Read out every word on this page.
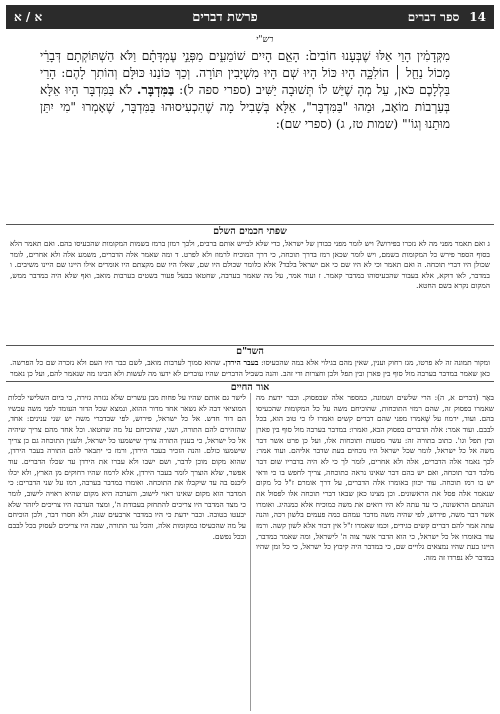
14
ספר דברים
פרשת דברים
א / א
רש"י
מִקְּדָמִ֔ין הָוֵי אַלּוּ שֶׁבְּעָנוּ חוֹבִים֙: הָאֵ֖ם הָיִים שׁוֹמֵעִ֑ים מַפְּנֵ֣י עֶמְדָּתָ֗ם וַלֹּא הַשְׁתּוֹקְתָם דְּבָרֵ֔י מָכוֹל נַחֵ֖ל ׀ הוֹלִכָּ֑ה הָיוּ כּוֹל הָיוּ שְׁם הָיוּ מִשְׁיָבִין תּוֹרָה. וְכַךְ כּוֹנַנוּ כּוּלָּם וְהוֹתִרְ לָהֶם: הָרֵי בַּלְלָכֶם כֹּאן, עֵל מְהָ שֶׁיֵּשׁ לוֹ תְּשׁוּבָה יַשִּׁיב (ספרי ספה ל): בַּמִּדְבָּר. לֹא בַּמִּדְבָּר הָיוּ אֵלָּא בְּעַרְבוֹת מוֹאָב, וּמַהוּ "בַּמִּדְבָּר", אֵלָּא בְּשָׁבִיל מָה שֶׁהִכְעִיסוּהוּ בַּמִּדְבָּר, שֶׁאָמְרוּ "מִי יִתֵּן מוּתֵנוּ וְגוֹ'" (שמות טז, ג) (ספרי שם):
שפתי חכמים השלם
ג ואם תאמר מפני מה לא נזכרו בפירוש? ויש לומר מפני כבודן של ישראל, כדי שלא לבייש אותם ברבים, ולכך רמזן ברמז בשמות המקומות שהכעיסו בהם. ואם תאמר הלא בסוף הספר פירש כל המקומות בשמם, ויש לומר שכאן רמז בדרך תוכחה, כי דרך המוכיח לרמוז ולא לפרט. ד ומה שאמר אלה הדברים, משמע אלה ולא אחרים, לומר שכולן היו דברי תוכחה. ה ואם תאמר וכי לא היו שם כי אם ישראל בלבד? אלא כלומר שכולם היו שם, שאלו היו שם מקצתם היו אומרים אילו היינו שם היינו משיבים. ו במדבר, לאו דוקא, אלא בעבור שהכעיסוהו במדבר קאמר. ז ועוד אמר, על מה שאמר בערבה, שחטאו בבעל פעור בשטים בערבות מואב, ואף שלא היה במדבר ממש, המקום נקרא בשם החטא.
השד"ם
ומקור תמונה זה לא פרטו, מגז רחוק וענין, שאין מהם בגילוי אלא במה שהכעיסו: בעבר הירדן. שהוא סמוך לערבות מואב, לשם כבר היו העם ולא נזכרה שם כל הפרשה. כאן שאמר במדבר בערבה מול סוף בין פארן ובין תפל ולבן וחצרות ודי זהב. והנה בשביל הדברים שהיו עוברים לא ידעו מה לעשות ולא הבינו מה שנאמר להם, ועל כן נאמר
אור החיים
באֵר (דברים א, ה): הרי שלשים ושמונה, כמספר אלה שבפסוק. וכבר ידעת מה שאמרו בפסוק זה, שהם רמזי התוכחות, שהוכיחם משה על כל המקומות שהכעיסו בהם. ועוד, ירמוז על שֶׁאמרו מפני שהם דברים קשים ואמרו לו כי טוב הוא, בכל לבבם. ועוד אמר: אלה הדברים בפסוק הבא, ואמרו: במדבר בערבה מול סוף בין פארן ובין תפל וגו'. כתוב בתורה זה: עשר מסעות ותוכחות אלו, ועל כן פרט אשר דבר משה אל כל ישראל, לומר שכל ישראל היו נוכחים בעת שדבר אליהם. ועוד אמר: לכך נאמר אלה הדברים, אלה ולא אחרים, לומר לך כי לא היה בדבריו שום דבר מלבד דבר תוכחה, ואם יש בהם דבר שאינו נראה כתוכחה, צריך לחפש בו כי ודאי יש בו רמז תוכחה. עוד יכוון באומרו אלה הדברים, על דרך אומרם ז"ל כל מקום שנאמר אלה פסל את הראשונים. וכן מצינו כאן שבאו דברי תוכחה אלו לפסול את הנהגתם הראשונה, כי עד עתה לא היו רואים את משה כמוכיח אלא כמנהיג. ואומרו אשר דבר משה, פירוש, לפי שהיה משה מדבר עמהם כמה פעמים בלשון רכה, והנה עתה אמר להם דברים קשים כגידים, וכמו שאמרו ז"ל אין דבור אלא לשון קשה. ורמז עוד באומרו אל כל ישראל, כי הוא הדבר אשר צוה ה' לישראל, ומה שאמר במדבר, היינו בעת שהיו נמצאים גלויים שם, כי במדבר היה קיבוץ כל ישראל, כי כל זמן שהיו במדבר לא נפרדו זה מזה.
לישר גם אותם שהיו על פחות מבן עשרים שלא נגזרה גזירה, כי ביום השלישי לכלות המוציאי דבה לא נשאר אחד מדור ההוא, ונמצא שכל הדור העומד לפני משה עכשיו הם דור חדש. אל כל ישראל, פירוש, לפי שבדברי משה יש שני ענינים: אחד, שהזהירם להם התורה, ושני, שהוכיחם על מה שחטאו. וכל אחד מהם צריך שיהיה אל כל ישראל, כי בענין התורה צריך שישמעו כל ישראל, ולענין התוכחה גם כן צריך שישמעו כולם. והנה הזכיר בעבר הירדן, ורמז כי יתבאר להם התורה בעבר הירדן, שהוא מקום מוכן לדבר, ושם ישבו ולא עברו את הירדן עד שכלו הדברים. עוד אפשר, שלא הוצרך לומר בעבר הירדן, אלא לרמוז שהיו רחוקים מן הארץ, ולא יכלו ליכנס בה עד שיקבלו את התוכחה. ואומרו במדבר בערבה, רמז על שני הדברים: כי המדבר הוא מקום שאינו ראוי לישוב, והערבה היא מקום שהיא ראויה לישוב, לומר כי מצד המדבר היו צריכים להתחזק בעבודת ה', ומצד הערבה היו צריכים ליזהר שלא יבעטו בטובה. וכבר ידעת כי היו במדבר ארבעים שנה, ולא חסרו דבר, ולכן הוכיחם על מה שהכעיסו במקומות אלה, והכל נגד התורה, שבה היו צריכים לעסוק בכל לבבם ובכל נפשם.
